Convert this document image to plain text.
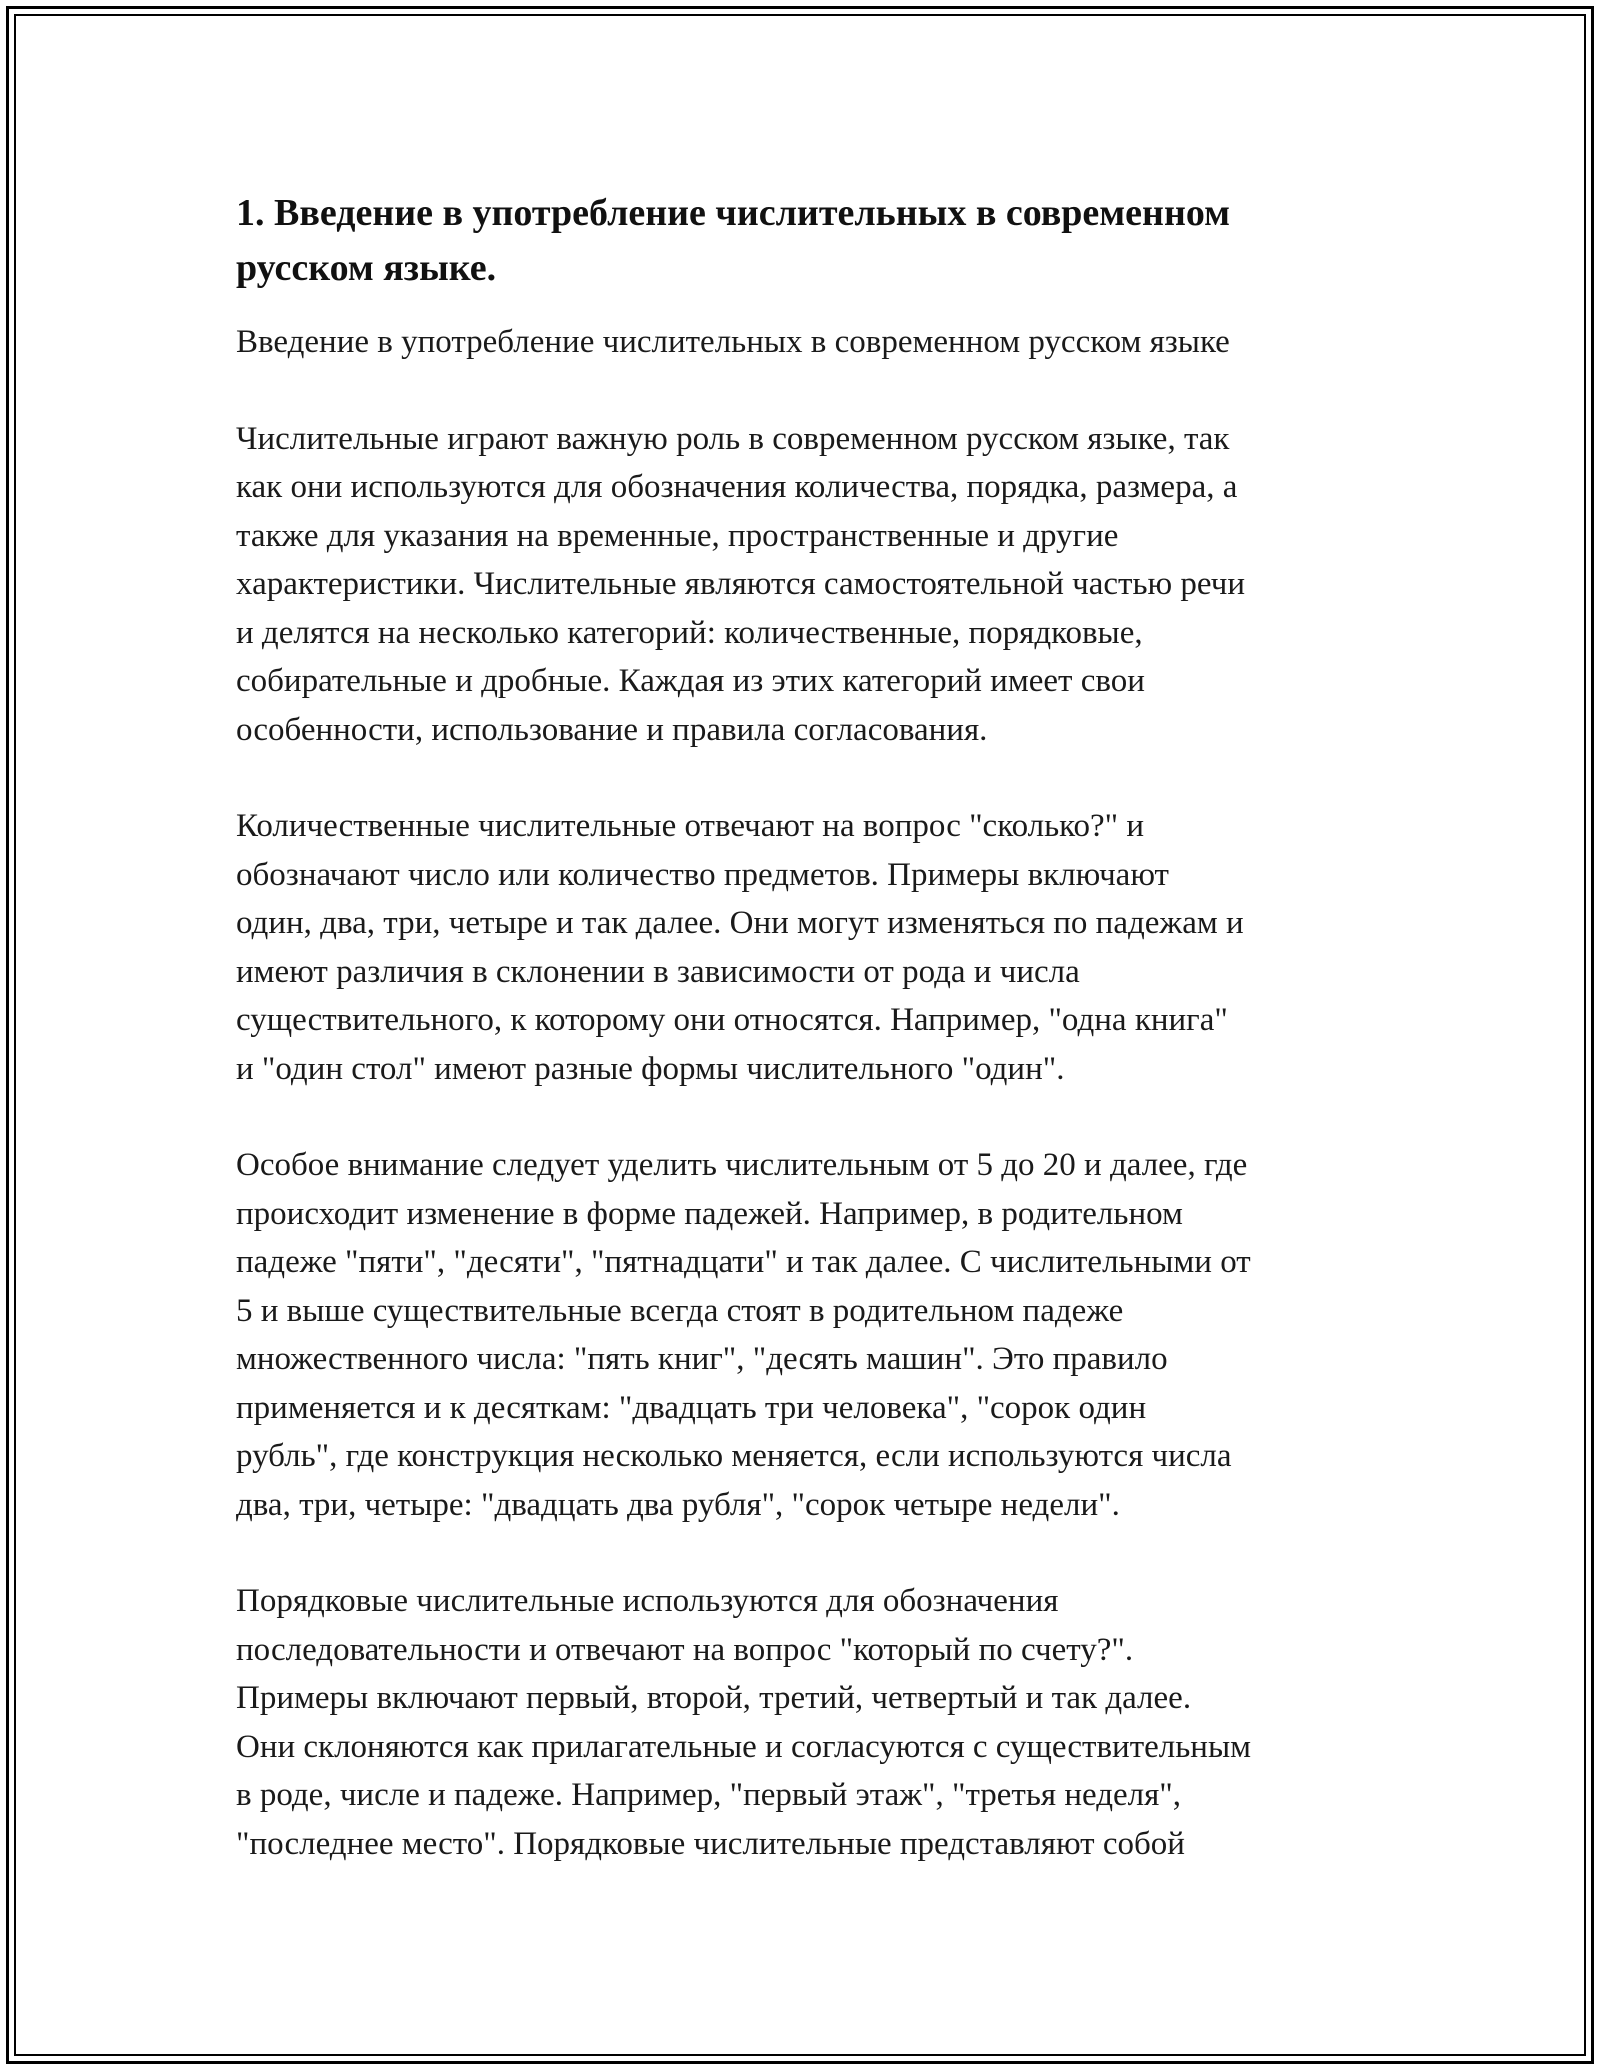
1. Введение в употребление числительных в современном
русском языке.

Введение в употребление числительных в современном русском языке

Числительные играют важную роль в современном русском языке, так
как они используются для обозначения количества, порядка, размера, а
также для указания на временные, пространственные и другие
характеристики. Числительные являются самостоятельной частью речи
и делятся на несколько категорий: количественные, порядковые,
собирательные и дробные. Каждая из этих категорий имеет свои
особенности, использование и правила согласования.

Количественные числительные отвечают на вопрос "сколько?" и
обозначают число или количество предметов. Примеры включают
один, два, три, четыре и так далее. Они могут изменяться по падежам и
имеют различия в склонении в зависимости от рода и числа
существительного, к которому они относятся. Например, "одна книга"
и "один стол" имеют разные формы числительного "один".

Особое внимание следует уделить числительным от 5 до 20 и далее, где
происходит изменение в форме падежей. Например, в родительном
падеже "пяти", "десяти", "пятнадцати" и так далее. С числительными от
5 и выше существительные всегда стоят в родительном падеже
множественного числа: "пять книг", "десять машин". Это правило
применяется и к десяткам: "двадцать три человека", "сорок один
рубль", где конструкция несколько меняется, если используются числа
два, три, четыре: "двадцать два рубля", "сорок четыре недели".

Порядковые числительные используются для обозначения
последовательности и отвечают на вопрос "который по счету?".
Примеры включают первый, второй, третий, четвертый и так далее.
Они склоняются как прилагательные и согласуются с существительным
в роде, числе и падеже. Например, "первый этаж", "третья неделя",
"последнее место". Порядковые числительные представляют собой
